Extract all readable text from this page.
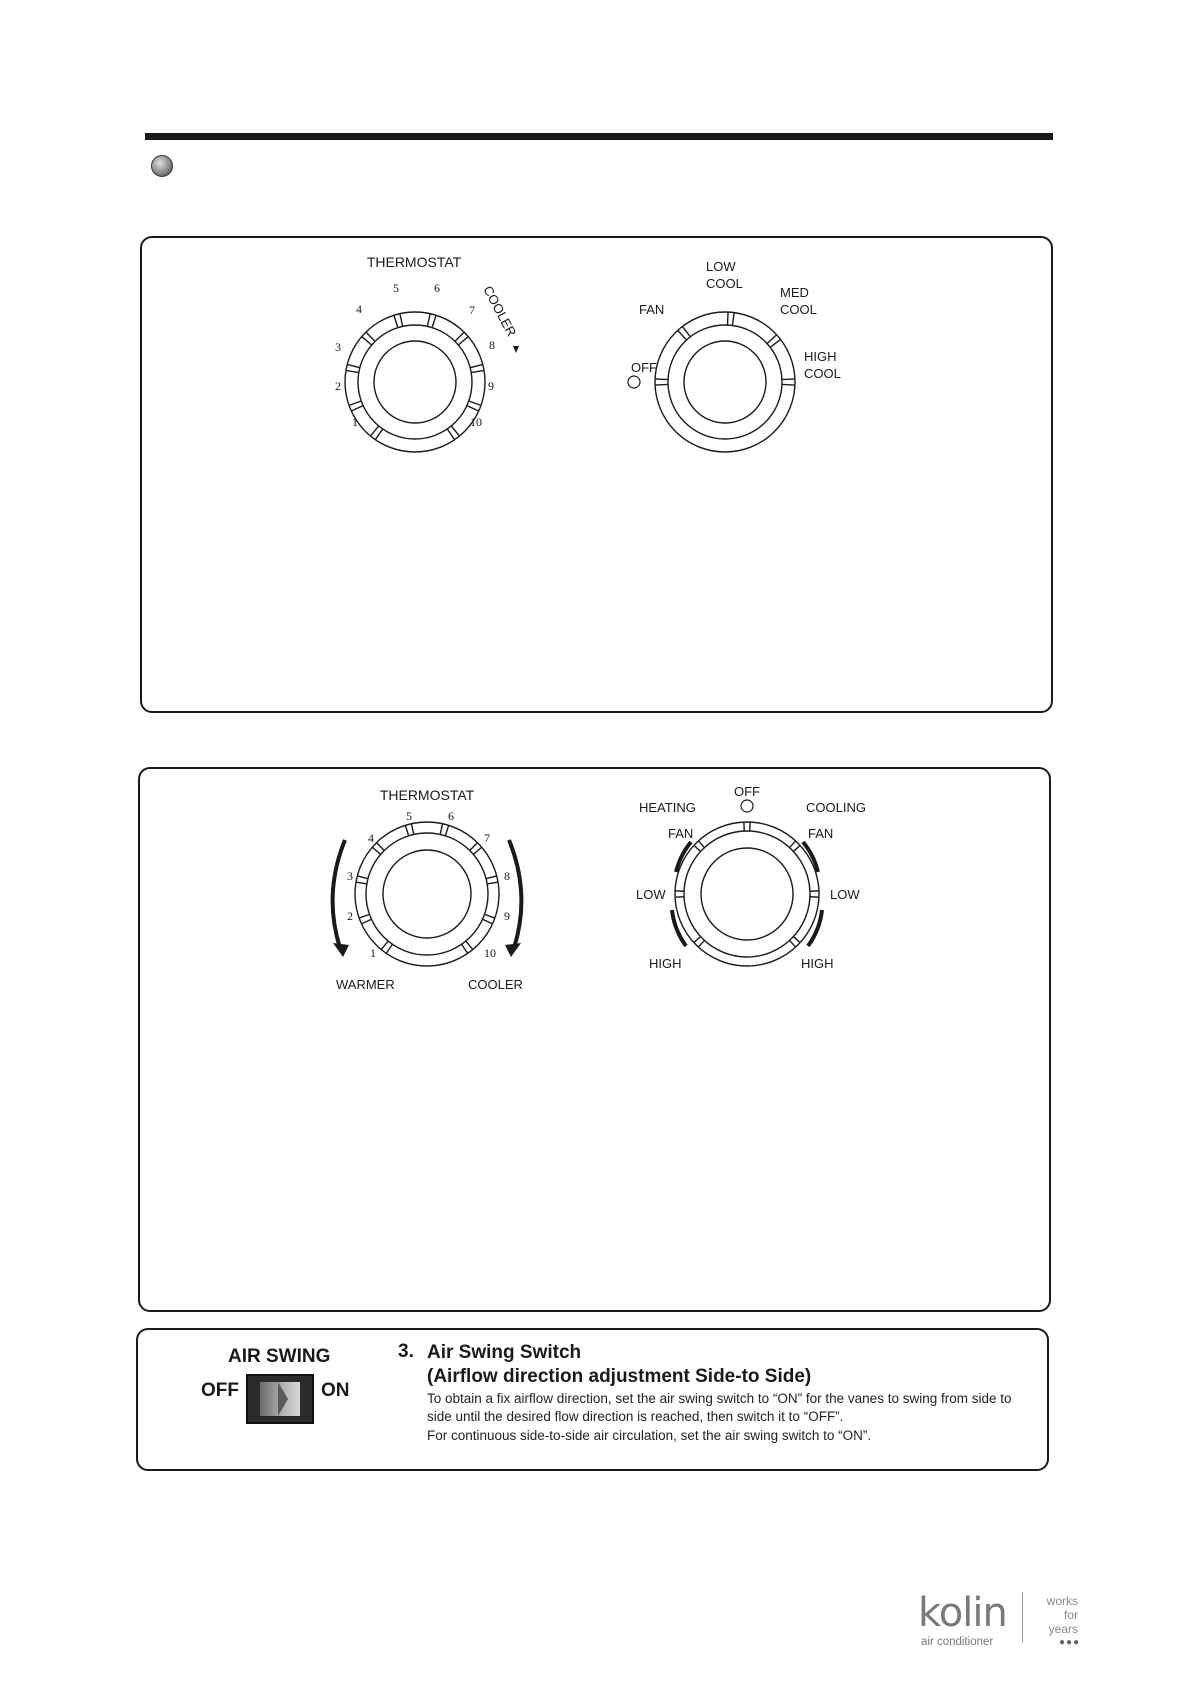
THERMOSTAT
1
2
3
4
5	6
7
8
9
10
COOLER
OFF
FAN
LOW
COOL
MED
COOL
HIGH
COOL
THERMOSTAT
1
2
3
4
5	6
7
8
9
10
WARMER	COOLER
OFF
HEATING	COOLING
FAN	FAN
LOW	LOW
HIGH	HIGH
AIR SWING
OFF	ON
3. Air Swing Switch
(Airflow direction adjustment Side-to Side)
To obtain a fix airflow direction, set the air swing switch to “ON” for the vanes to swing from side to side until the desired flow direction is reached, then switch it to “OFF”.
For continuous side-to-side air circulation, set the air swing switch to “ON”.
kolin
air conditioner
works
for
years
●●●
